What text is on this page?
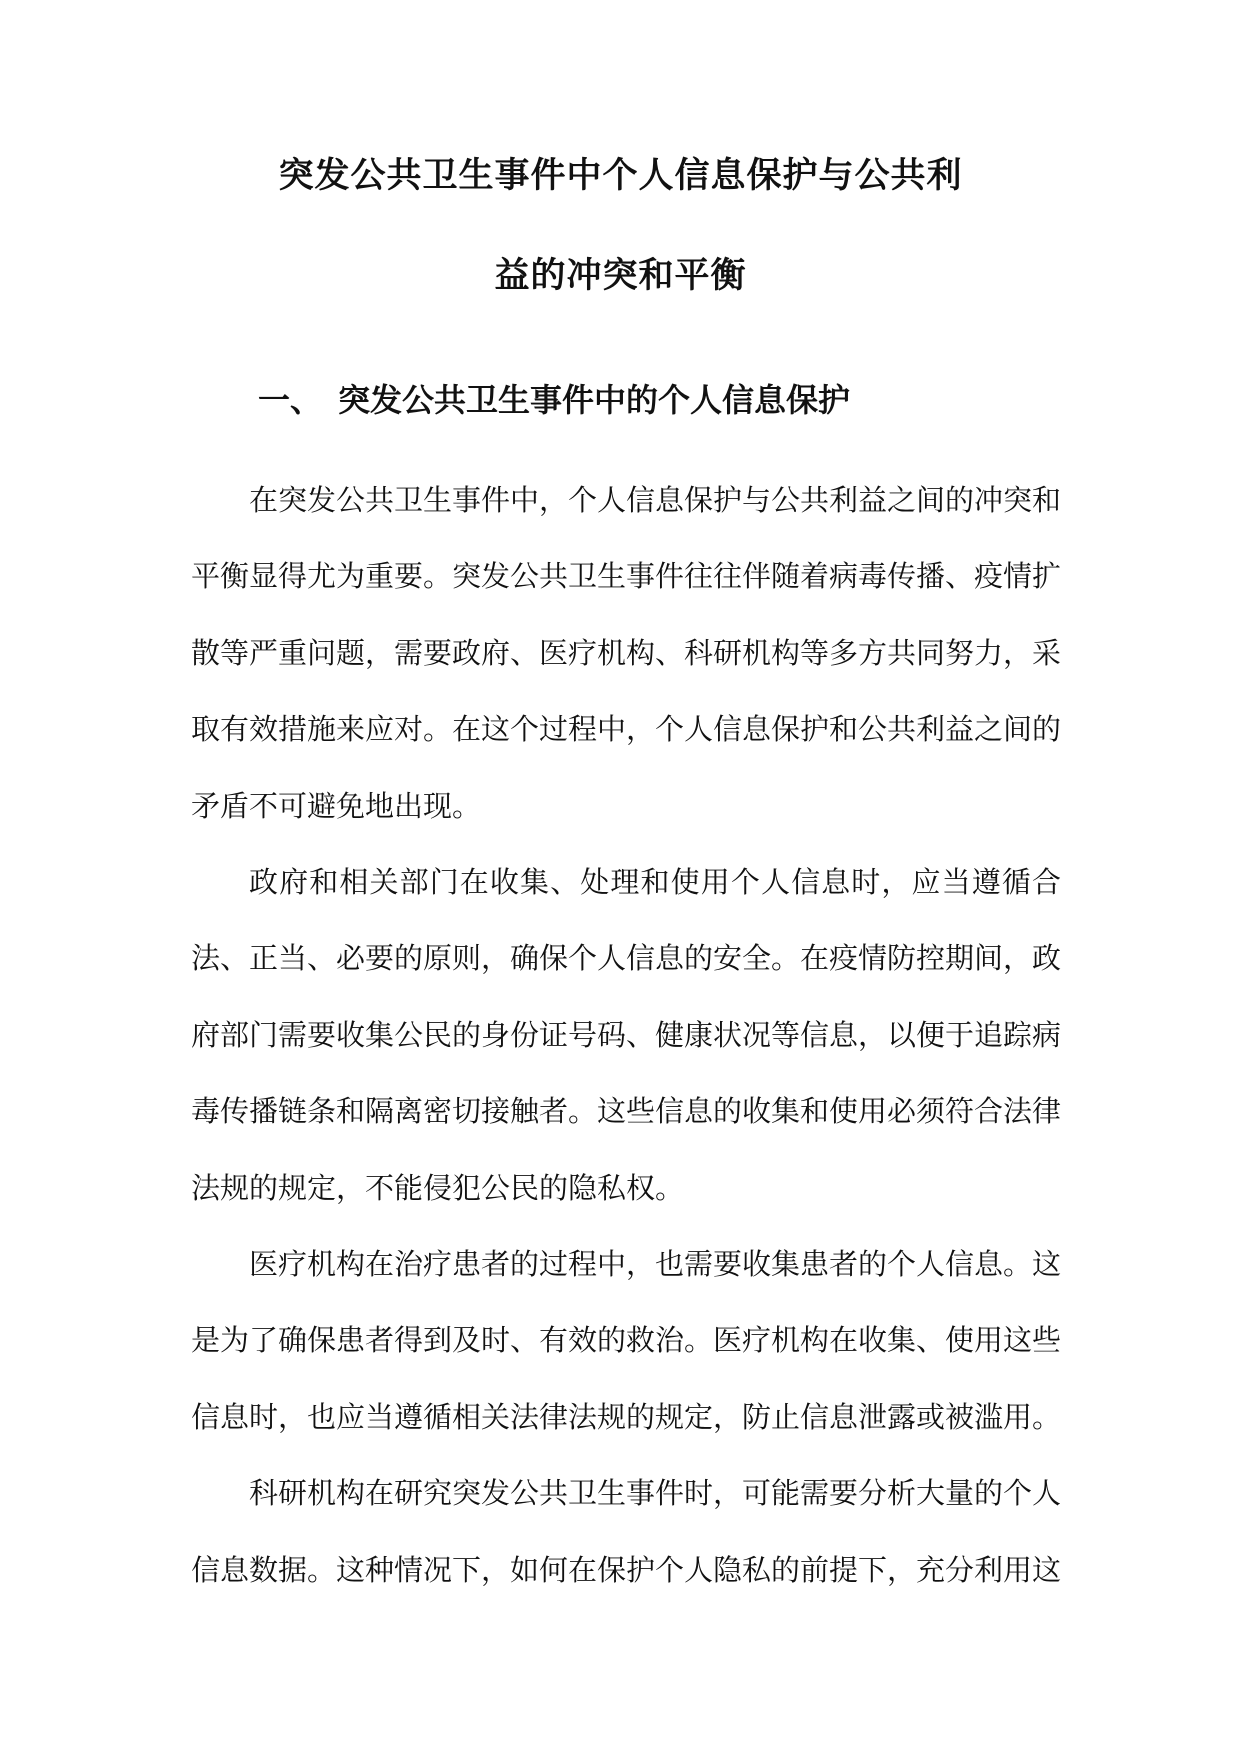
突发公共卫生事件中个人信息保护与公共利
益的冲突和平衡
一、 突发公共卫生事件中的个人信息保护

在突发公共卫生事件中，个人信息保护与公共利益之间的冲突和平衡显得尤为重要。突发公共卫生事件往往伴随着病毒传播、疫情扩散等严重问题，需要政府、医疗机构、科研机构等多方共同努力，采取有效措施来应对。在这个过程中，个人信息保护和公共利益之间的矛盾不可避免地出现。

政府和相关部门在收集、处理和使用个人信息时，应当遵循合法、正当、必要的原则，确保个人信息的安全。在疫情防控期间，政府部门需要收集公民的身份证号码、健康状况等信息，以便于追踪病毒传播链条和隔离密切接触者。这些信息的收集和使用必须符合法律法规的规定，不能侵犯公民的隐私权。

医疗机构在治疗患者的过程中，也需要收集患者的个人信息。这是为了确保患者得到及时、有效的救治。医疗机构在收集、使用这些信息时，也应当遵循相关法律法规的规定，防止信息泄露或被滥用。

科研机构在研究突发公共卫生事件时，可能需要分析大量的个人信息数据。这种情况下，如何在保护个人隐私的前提下，充分利用这
